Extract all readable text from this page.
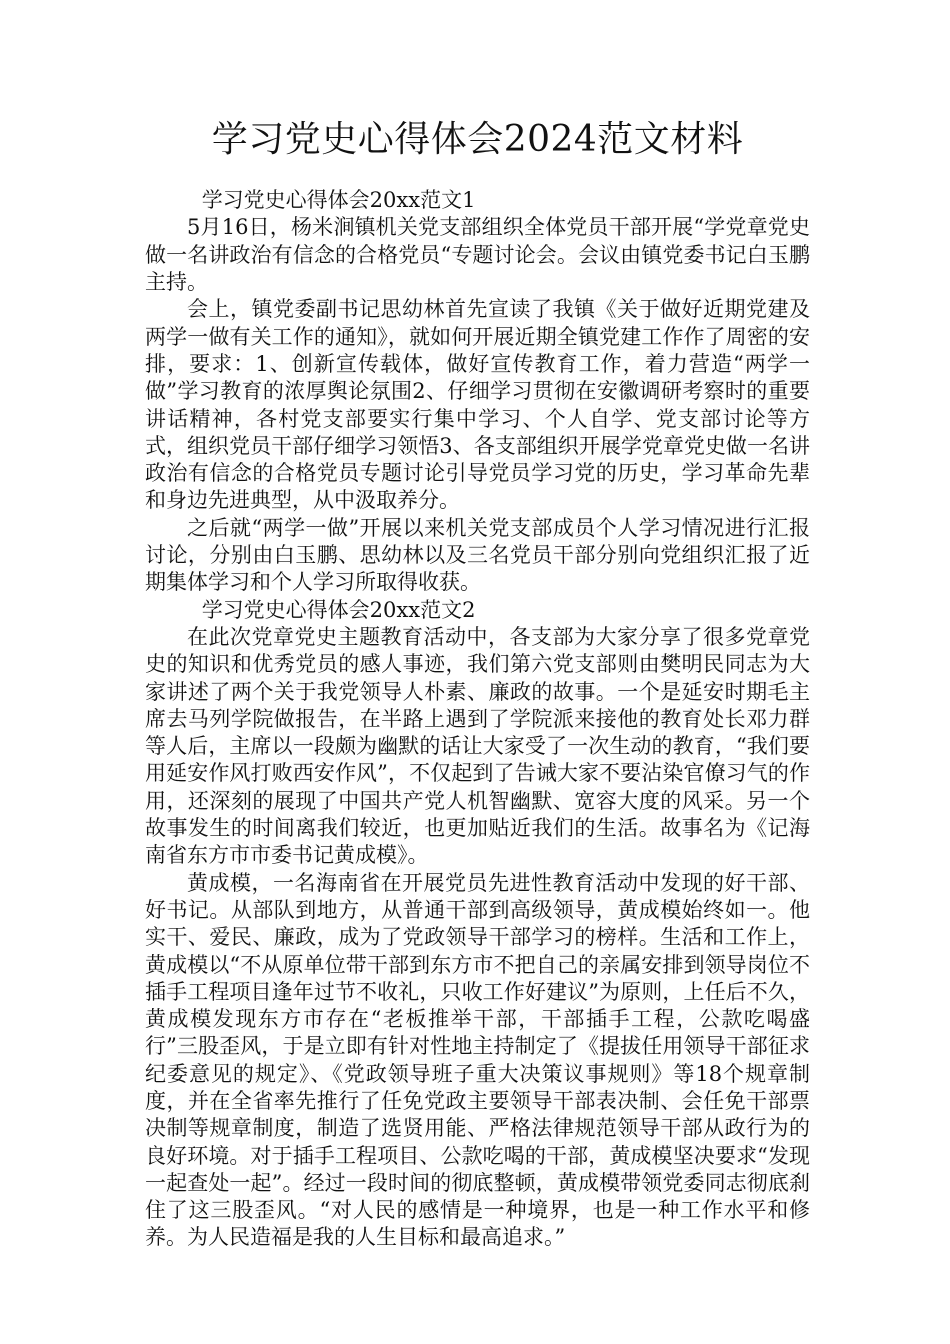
学习党史心得体会2024范文材料

学习党史心得体会20xx范文1

5月16日，杨米涧镇机关党支部组织全体党员干部开展“学党章党史做一名讲政治有信念的合格党员“专题讨论会。会议由镇党委书记白玉鹏主持。

会上，镇党委副书记思幼林首先宣读了我镇《关于做好近期党建及两学一做有关工作的通知》，就如何开展近期全镇党建工作作了周密的安排，要求：1、创新宣传载体，做好宣传教育工作，着力营造“两学一做”学习教育的浓厚舆论氛围2、仔细学习贯彻在安徽调研考察时的重要讲话精神，各村党支部要实行集中学习、个人自学、党支部讨论等方式，组织党员干部仔细学习领悟3、各支部组织开展学党章党史做一名讲政治有信念的合格党员专题讨论引导党员学习党的历史，学习革命先辈和身边先进典型，从中汲取养分。

之后就“两学一做”开展以来机关党支部成员个人学习情况进行汇报讨论，分别由白玉鹏、思幼林以及三名党员干部分别向党组织汇报了近期集体学习和个人学习所取得收获。

学习党史心得体会20xx范文2

在此次党章党史主题教育活动中，各支部为大家分享了很多党章党史的知识和优秀党员的感人事迹，我们第六党支部则由樊明民同志为大家讲述了两个关于我党领导人朴素、廉政的故事。一个是延安时期毛主席去马列学院做报告，在半路上遇到了学院派来接他的教育处长邓力群等人后，主席以一段颇为幽默的话让大家受了一次生动的教育，“我们要用延安作风打败西安作风”，不仅起到了告诫大家不要沾染官僚习气的作用，还深刻的展现了中国共产党人机智幽默、宽容大度的风采。另一个故事发生的时间离我们较近，也更加贴近我们的生活。故事名为《记海南省东方市市委书记黄成模》。

黄成模，一名海南省在开展党员先进性教育活动中发现的好干部、好书记。从部队到地方，从普通干部到高级领导，黄成模始终如一。他实干、爱民、廉政，成为了党政领导干部学习的榜样。生活和工作上，黄成模以“不从原单位带干部到东方市不把自己的亲属安排到领导岗位不插手工程项目逢年过节不收礼，只收工作好建议”为原则，上任后不久，黄成模发现东方市存在“老板推举干部，干部插手工程，公款吃喝盛行”三股歪风，于是立即有针对性地主持制定了《提拔任用领导干部征求纪委意见的规定》、《党政领导班子重大决策议事规则》等18个规章制度，并在全省率先推行了任免党政主要领导干部表决制、会任免干部票决制等规章制度，制造了选贤用能、严格法律规范领导干部从政行为的良好环境。对于插手工程项目、公款吃喝的干部，黄成模坚决要求“发现一起查处一起”。经过一段时间的彻底整顿，黄成模带领党委同志彻底刹住了这三股歪风。“对人民的感情是一种境界，也是一种工作水平和修养。为人民造福是我的人生目标和最高追求。”
